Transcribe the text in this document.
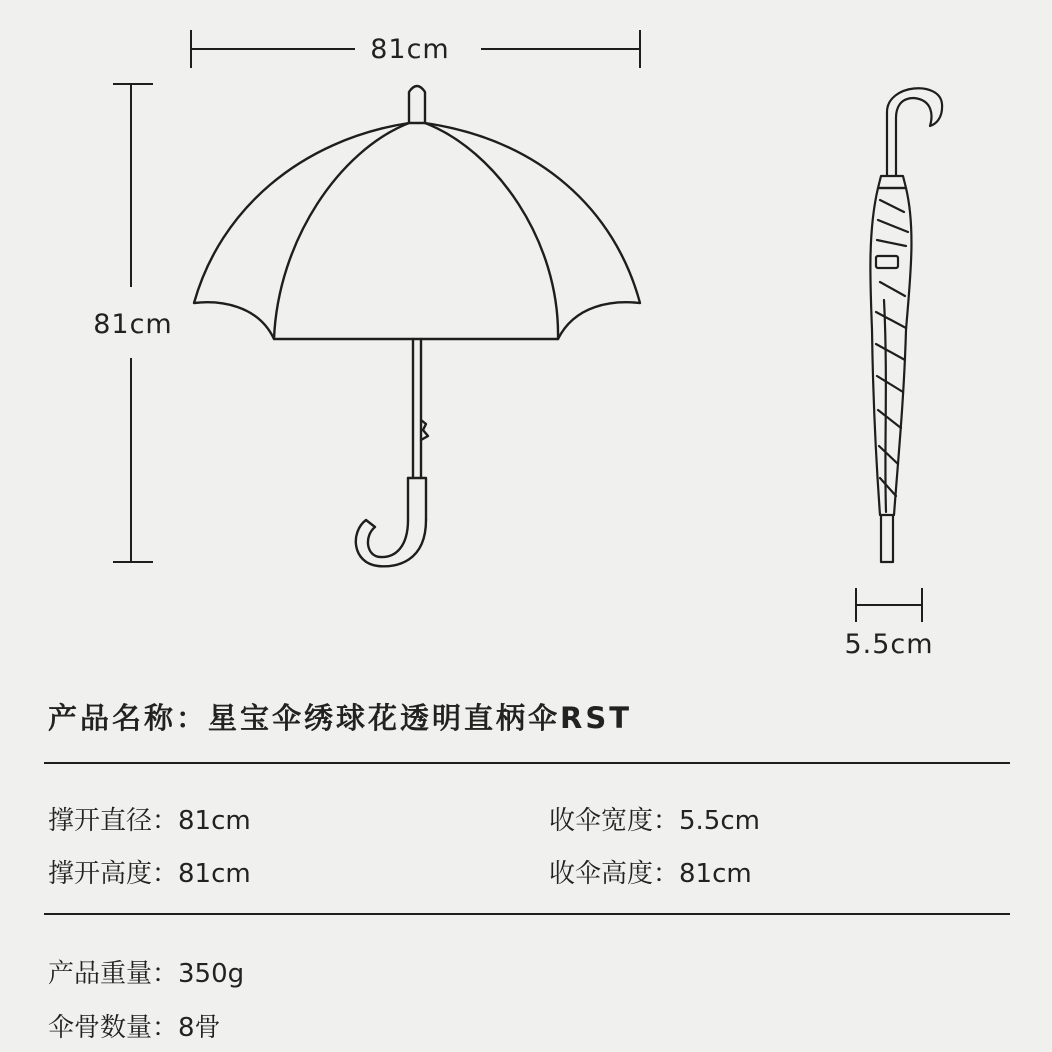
81cm
81cm
5.5cm
产品名称：星宝伞绣球花透明直柄伞RST
撑开直径：81cm	收伞宽度：5.5cm
撑开高度：81cm	收伞高度：81cm
产品重量：350g
伞骨数量：8骨
